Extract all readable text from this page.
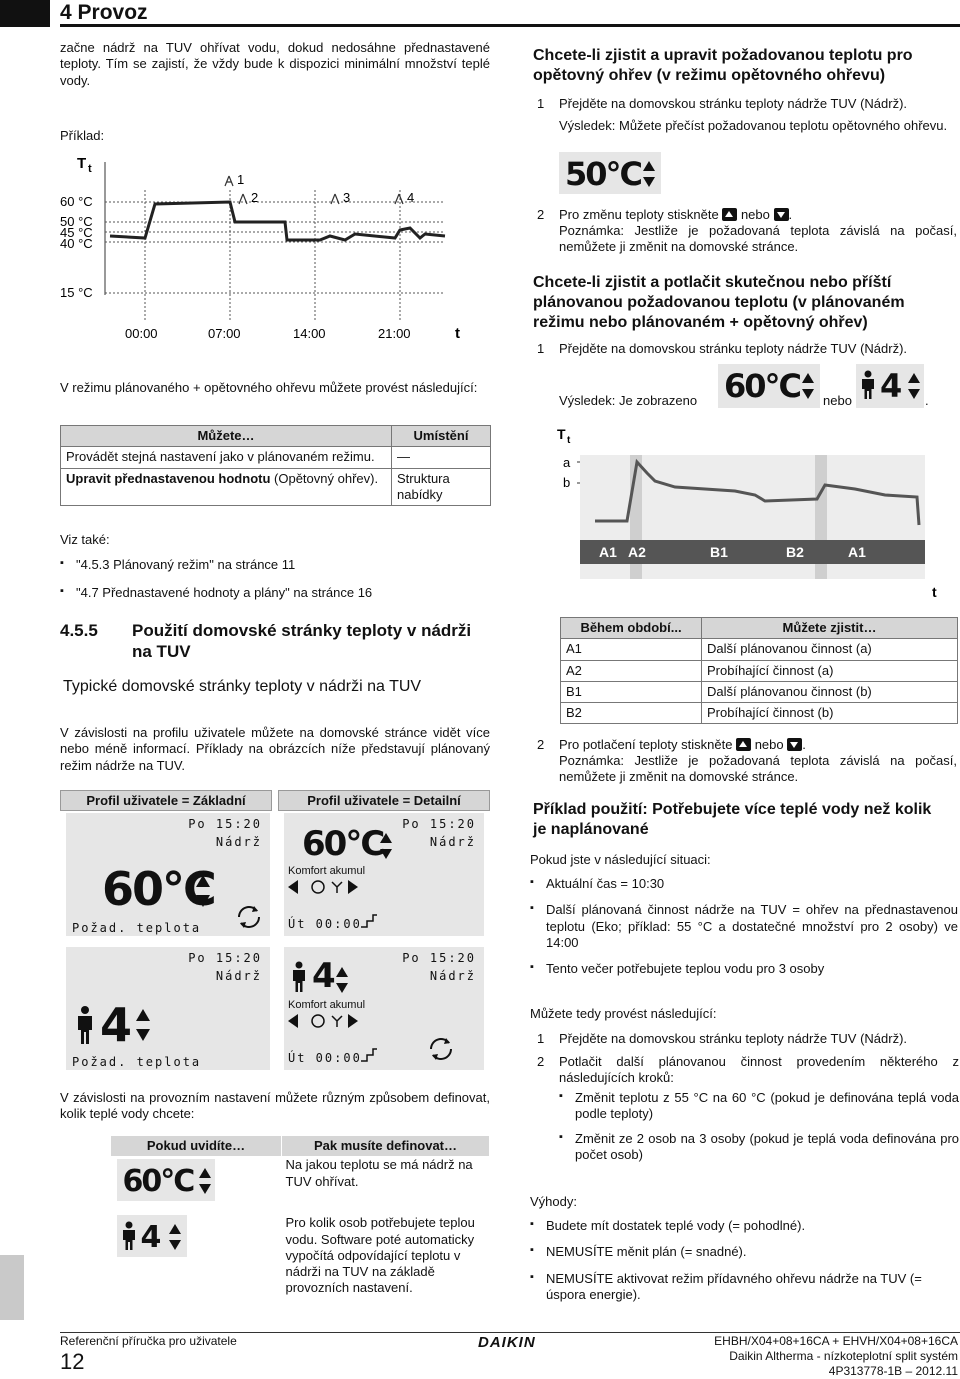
4 Provoz

začne nádrž na TUV ohřívat vodu, dokud nedosáhne přednastavené teploty. Tím se zajistí, že vždy bude k dispozici minimální množství teplé vody.

Příklad:

T t
60 °C
50 °C
45 °C
40 °C
15 °C
00:00	07:00	14:00	21:00	t
1
2	3	4

V režimu plánovaného + opětovného ohřevu můžete provést následující:

Můžete…	Umístění
Provádět stejná nastavení jako v plánovaném režimu.	—
Upravit přednastavenou hodnotu (Opětovný ohřev).	Struktura nabídky

Viz také:

▪ "4.5.3 Plánovaný režim" na stránce 11
▪ "4.7 Přednastavené hodnoty a plány" na stránce 16
4.5.5 Použití domovské stránky teploty v nádrži na TUV
Typické domovské stránky teploty v nádrži na TUV

V závislosti na profilu uživatele můžete na domovské stránce vidět více nebo méně informací. Příklady na obrázcích níže představují plánovaný režim nádrže na TUV.

Profil uživatele = Základní	Profil uživatele = Detailní
Po 15:20
Nádrž
60°C
Požad. teplota
Po 15:20
Nádrž
60°C
Komfort akumul
Út 00:00
Po 15:20
Nádrž
4
Požad. teplota
Po 15:20
Nádrž
4
Komfort akumul
Út 00:00

V závislosti na provozním nastavení můžete různým způsobem definovat, kolik teplé vody chcete:

Pokud uvidíte…	Pak musíte definovat…

60°C	Na jakou teplotu se má nádrž na TUV ohřívat.

4	Pro kolik osob potřebujete teplou vodu. Software poté automaticky vypočítá odpovídající teplotu v nádrži na TUV na základě provozních nastavení.
Chcete-li zjistit a upravit požadovanou teplotu pro opětovný ohřev (v režimu opětovného ohřevu)

1 Přejděte na domovskou stránku teploty nádrže TUV (Nádrž).

Výsledek: Můžete přečíst požadovanou teplotu opětovného ohřevu.

50°C

2 Pro změnu teploty stiskněte nebo .

Poznámka: Jestliže je požadovaná teplota závislá na počasí, nemůžete ji změnit na domovské stránce.

Chcete-li zjistit a potlačit skutečnou nebo příští plánovanou požadovanou teplotu (v plánovaném režimu nebo plánovaném + opětovný ohřev)

1 Přejděte na domovskou stránku teploty nádrže TUV (Nádrž).

Výsledek: Je zobrazeno 60°C nebo 4 .
T t
a
b
A1 A2	B1	B2	A1
t
Během období...	Můžete zjistit…
A1	Další plánovanou činnost (a)
A2	Probíhající činnost (a)
B1	Další plánovanou činnost (b)
B2	Probíhající činnost (b)

2 Pro potlačení teploty stiskněte nebo .

Poznámka: Jestliže je požadovaná teplota závislá na počasí, nemůžete ji změnit na domovské stránce.

Příklad použití: Potřebujete více teplé vody než kolik je naplánované

Pokud jste v následující situaci:

▪ Aktuální čas = 10:30
▪ Další plánovaná činnost nádrže na TUV = ohřev na přednastavenou teplotu (Eko; příklad: 55 °C a dostatečné množství pro 2 osoby) ve 14:00
▪ Tento večer potřebujete teplou vodu pro 3 osoby

Můžete tedy provést následující:

1 Přejděte na domovskou stránku teploty nádrže TUV (Nádrž).

2	Potlačit další plánovanou činnost provedením některého z následujících kroků:

▪ Změnit teplotu z 55 °C na 60 °C (pokud je definována teplá voda podle teploty)
▪ Změnit ze 2 osob na 3 osoby (pokud je teplá voda definována pro počet osob)

Výhody:

▪ Budete mít dostatek teplé vody (= pohodlné).
▪ NEMUSÍTE měnit plán (= snadné).
▪ NEMUSÍTE aktivovat režim přídavného ohřevu nádrže na TUV (= úspora energie).

Referenční příručka pro uživatele

12

DAIKIN	EHBH/X04+08+16CA + EHVH/X04+08+16CA
Daikin Altherma - nízkoteplotní split systém
4P313778-1B – 2012.11
